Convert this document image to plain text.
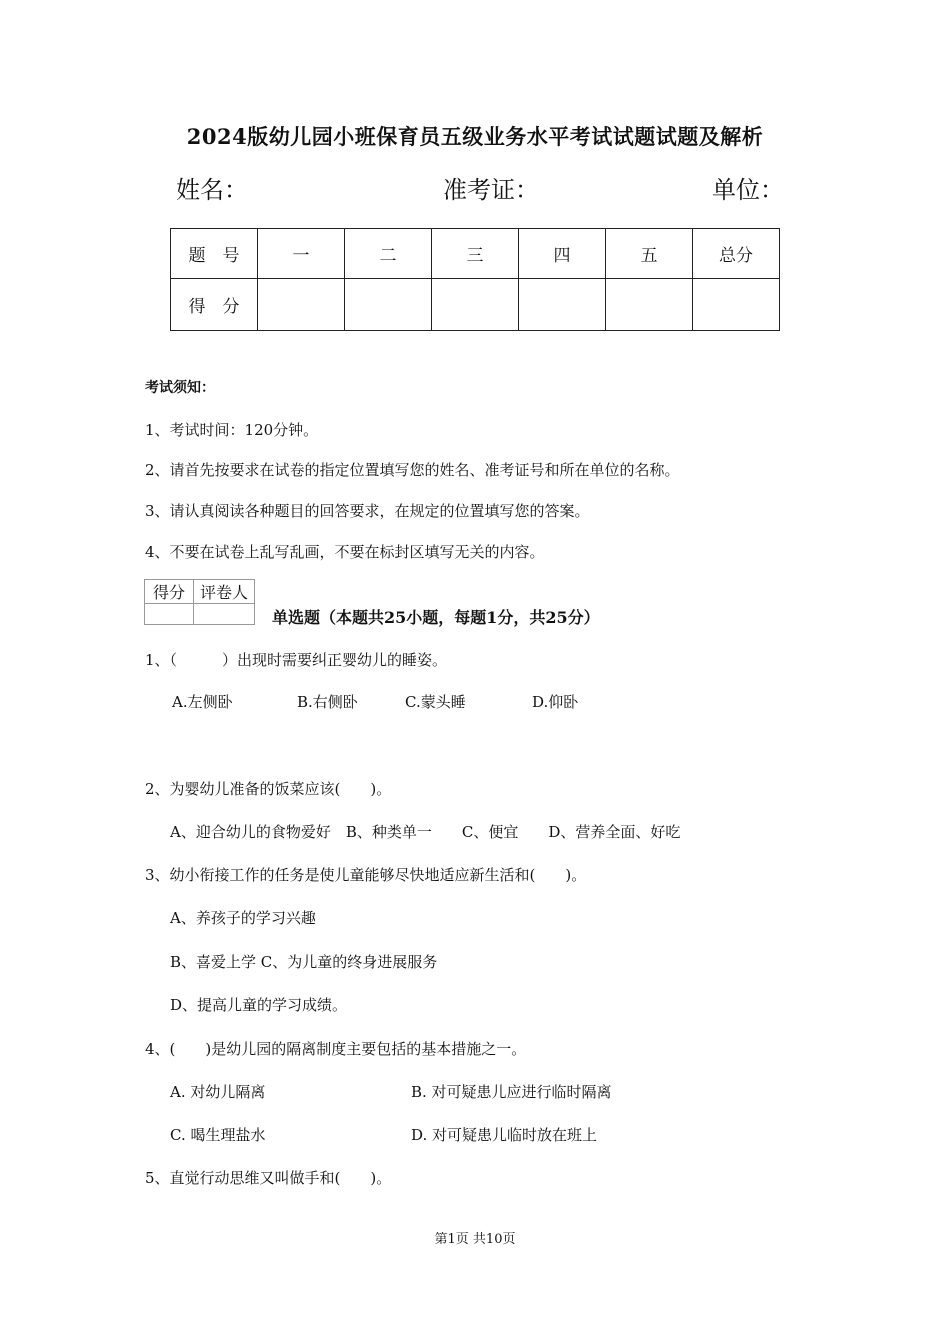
2024版幼儿园小班保育员五级业务水平考试试题试题及解析
姓名：	准考证：	单位：
题　号	一	二	三	四	五	总分
得　分						
考试须知：
1、考试时间：120分钟。
2、请首先按要求在试卷的指定位置填写您的姓名、准考证号和所在单位的名称。
3、请认真阅读各种题目的回答要求，在规定的位置填写您的答案。
4、不要在试卷上乱写乱画，不要在标封区填写无关的内容。
得分	评卷人

单选题（本题共25小题，每题1分，共25分）
1、（　　　）出现时需要纠正婴幼儿的睡姿。
A.左侧卧	B.右侧卧	C.蒙头睡	D.仰卧
2、为婴幼儿准备的饭菜应该(　　)。
A、迎合幼儿的食物爱好　B、种类单一　　C、便宜　　D、营养全面、好吃
3、幼小衔接工作的任务是使儿童能够尽快地适应新生活和(　　)。
A、养孩子的学习兴趣
B、喜爱上学 C、为儿童的终身进展服务
D、提高儿童的学习成绩。
4、(　　)是幼儿园的隔离制度主要包括的基本措施之一。
A. 对幼儿隔离	B. 对可疑患儿应进行临时隔离
C. 喝生理盐水	D. 对可疑患儿临时放在班上
5、直觉行动思维又叫做手和(　　)。
第1页 共10页
